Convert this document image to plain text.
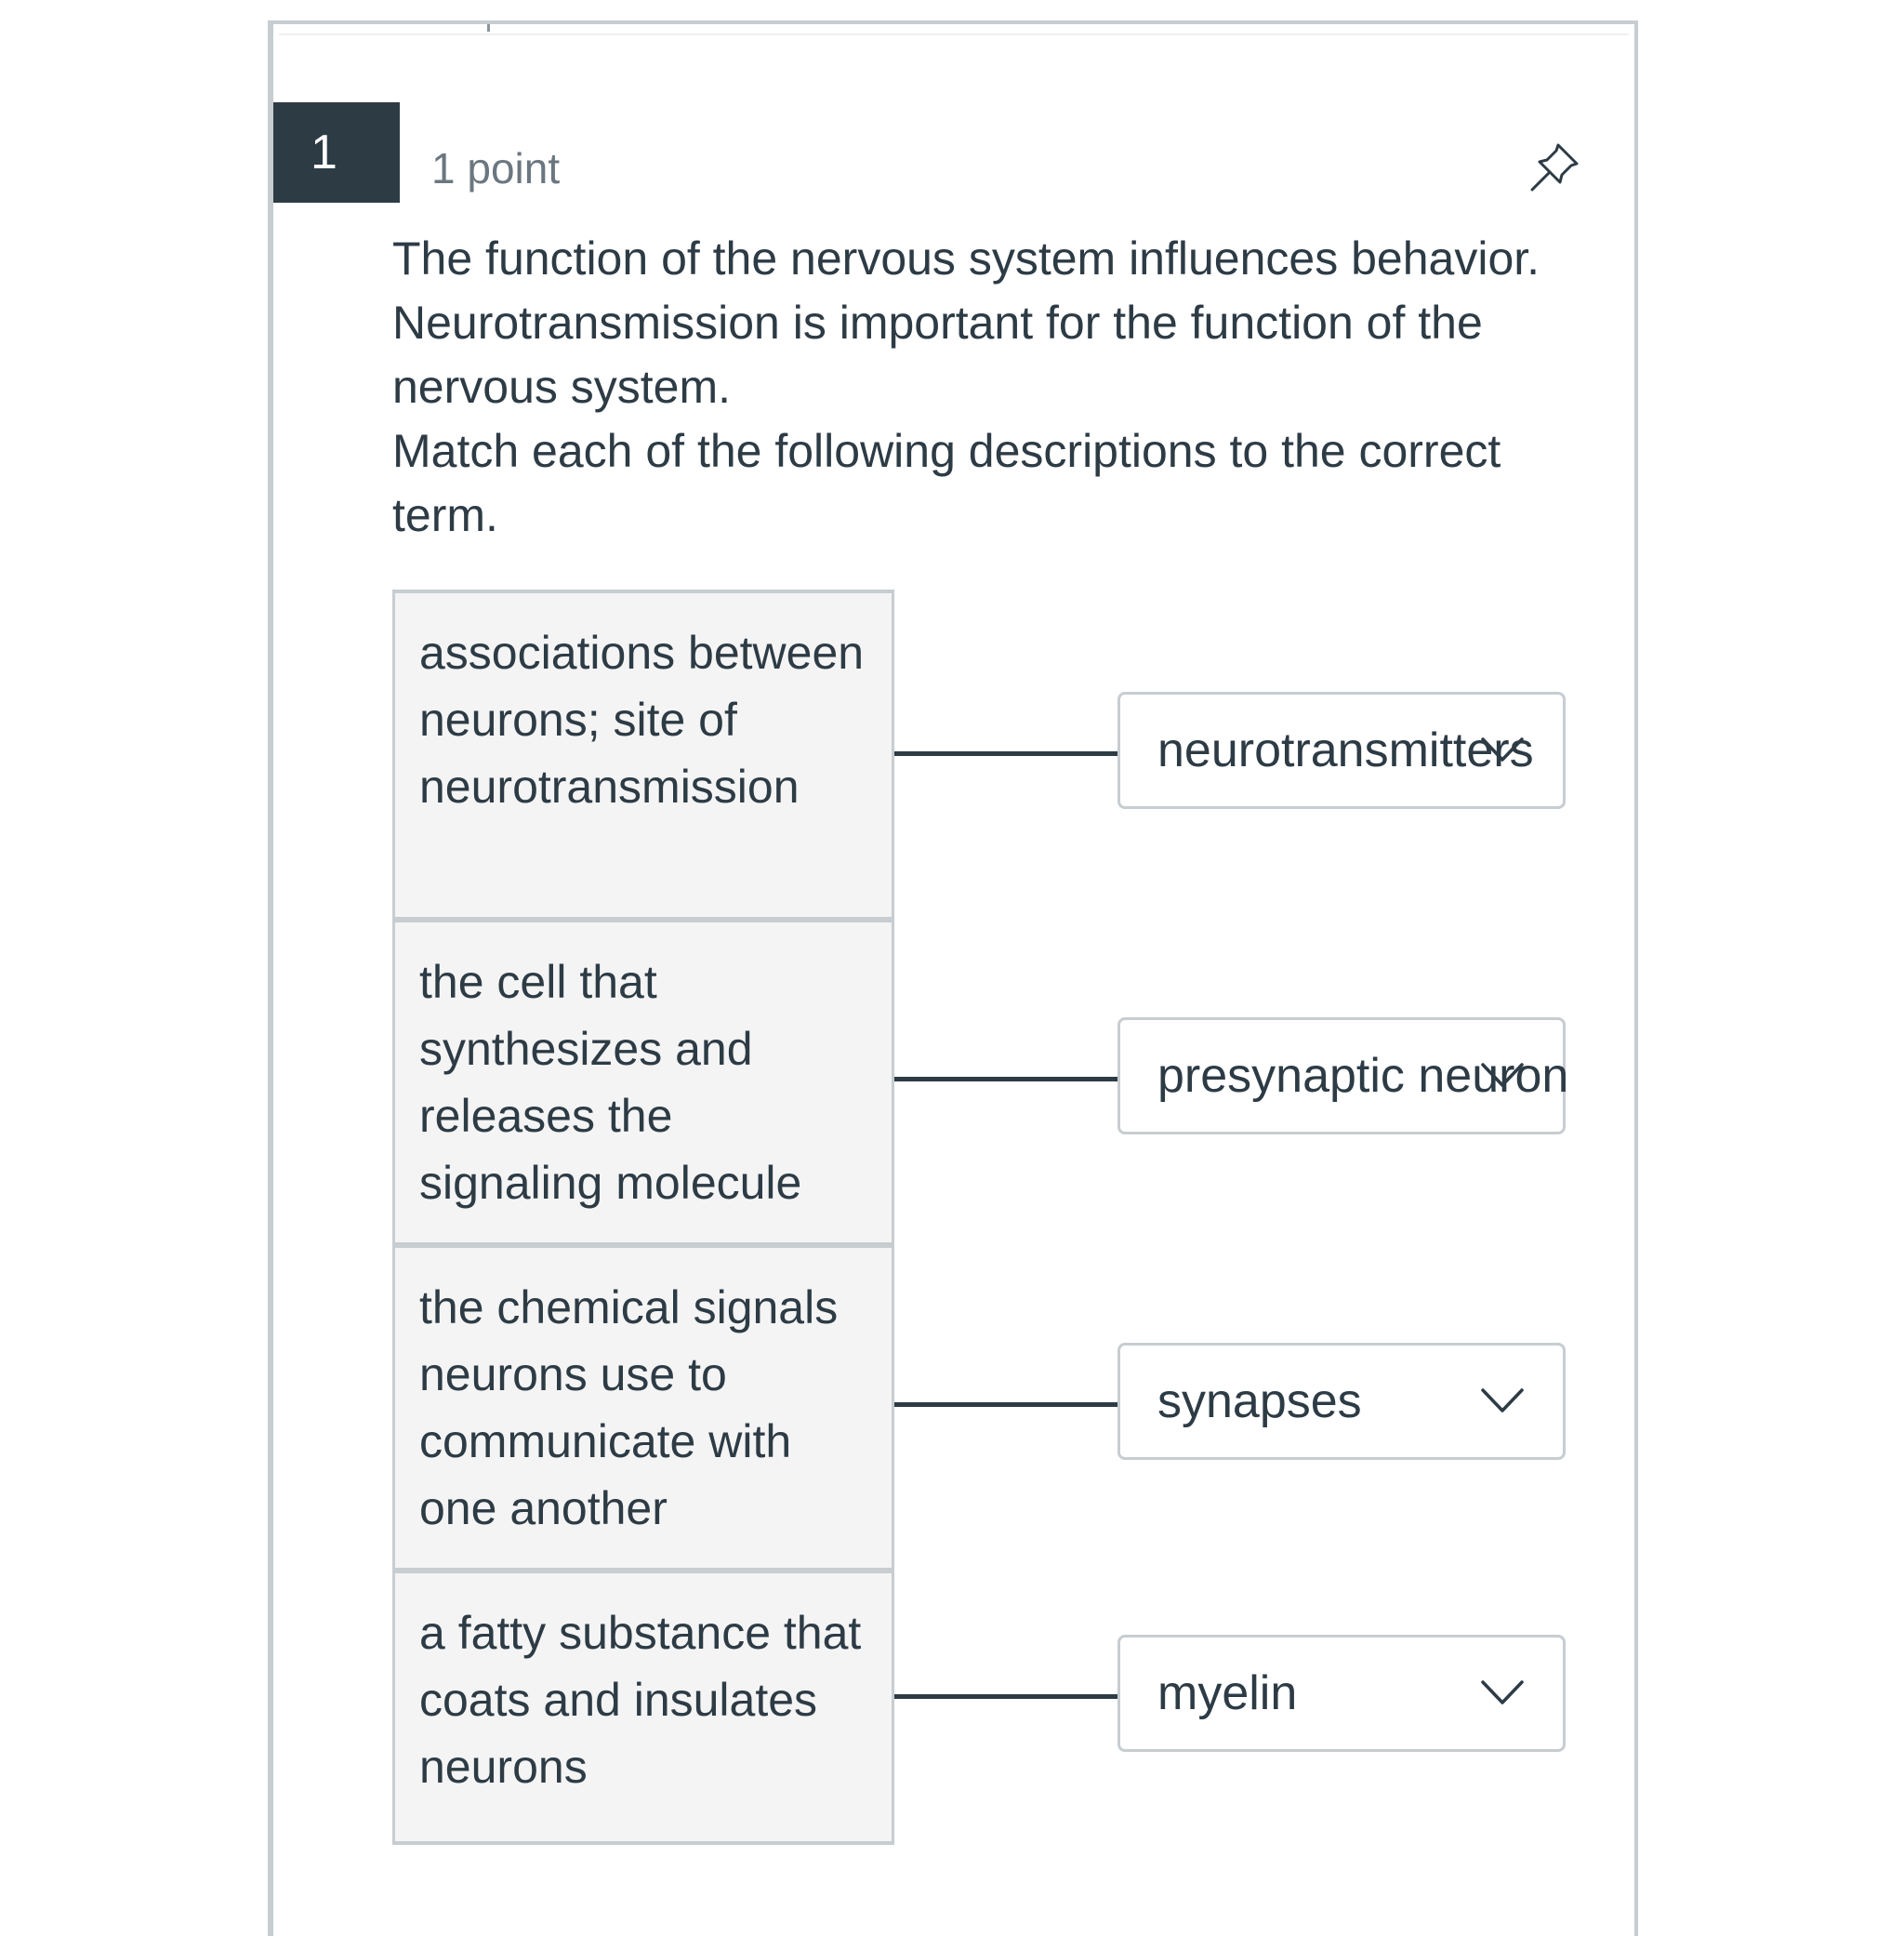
1	1 point

The function of the nervous system influences behavior. Neurotransmission is important for the function of the nervous system.

Match each of the following descriptions to the correct term.

associations between neurons; site of neurotransmission
neurotransmitters
the cell that synthesizes and releases the signaling molecule
presynaptic neuron
the chemical signals neurons use to communicate with one another
synapses
a fatty substance that coats and insulates neurons
myelin
